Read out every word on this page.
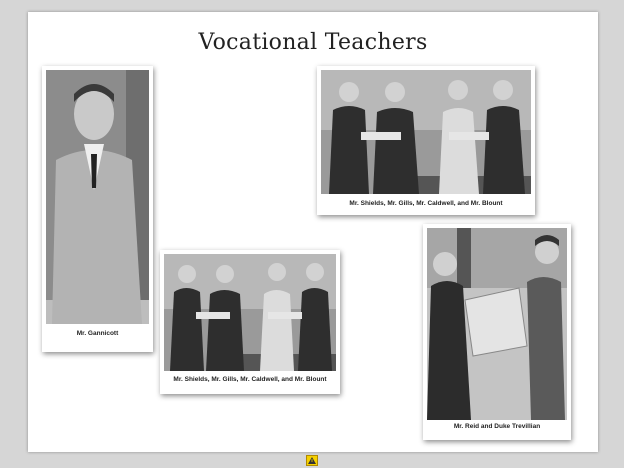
Vocational Teachers
Mr. Gannicott
Mr. Shields, Mr. Gills, Mr. Caldwell, and Mr. Blount
Mr. Shields, Mr. Gills, Mr. Caldwell, and Mr. Blount
Mr. Reid and Duke Trevillian
